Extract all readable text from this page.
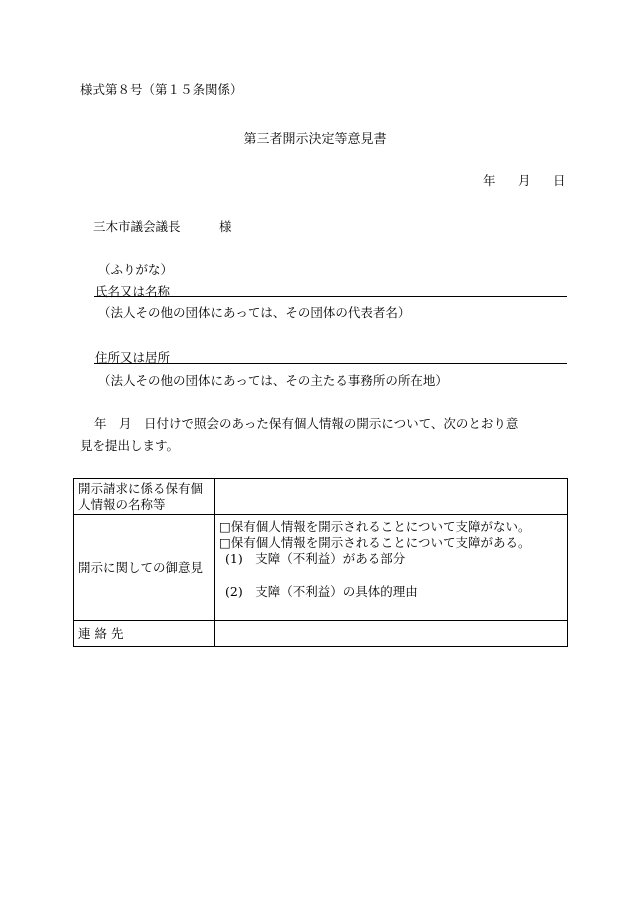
様式第８号（第１５条関係）
第三者開示決定等意見書
年 月 日
三木市議会議長	様
（ふりがな）
氏名又は名称
（法人その他の団体にあっては、その団体の代表者名）
住所又は居所
（法人その他の団体にあっては、その主たる事務所の所在地）
年　月　日付けで照会のあった保有個人情報の開示について、次のとおり意
見を提出します。
開示請求に係る保有個人情報の名称等	
開示に関しての御意見	□保有個人情報を開示されることについて支障がない。
□保有個人情報を開示されることについて支障がある。
(1)　支障（不利益）がある部分
(2)　支障（不利益）の具体的理由

連 絡 先	
